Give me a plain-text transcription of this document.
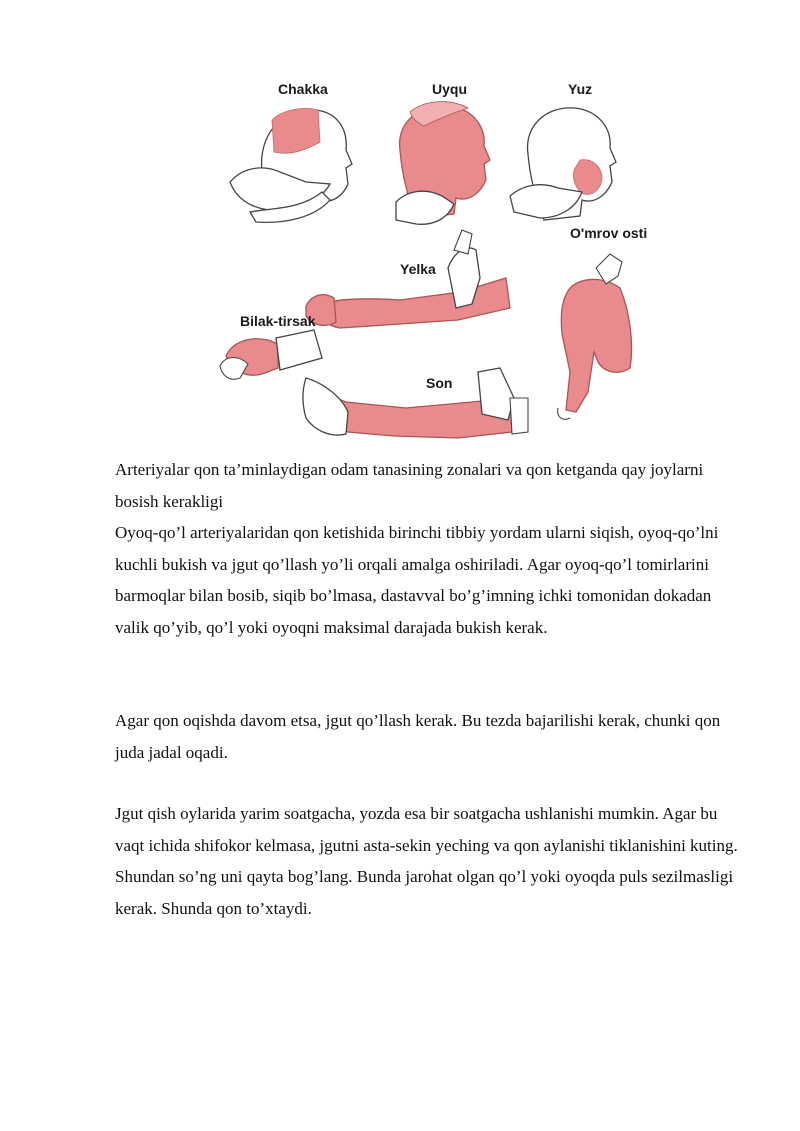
Chakka	Uyqu	Yuz
O'mrov osti
Yelka
Bilak-tirsak
Son

Arteriyalar qon ta’minlaydigan odam tanasining zonalari va qon ketganda qay joylarni bosish kerakligi

Oyoq-qo’l arteriyalaridan qon ketishida birinchi tibbiy yordam ularni siqish, oyoq-qo’lni kuchli bukish va jgut qo’llash yo’li orqali amalga oshiriladi. Agar oyoq-qo’l tomirlarini barmoqlar bilan bosib, siqib bo’lmasa, dastavval bo’g’imning ichki tomonidan dokadan valik qo’yib, qo’l yoki oyoqni maksimal darajada bukish kerak.

Agar qon oqishda davom etsa, jgut qo’llash kerak. Bu tezda bajarilishi kerak, chunki qon juda jadal oqadi.

Jgut qish oylarida yarim soatgacha, yozda esa bir soatgacha ushlanishi mumkin. Agar bu vaqt ichida shifokor kelmasa, jgutni asta-sekin yeching va qon aylanishi tiklanishini kuting. Shundan so’ng uni qayta bog’lang. Bunda jarohat olgan qo’l yoki oyoqda puls sezilmasligi kerak. Shunda qon to’xtaydi.
